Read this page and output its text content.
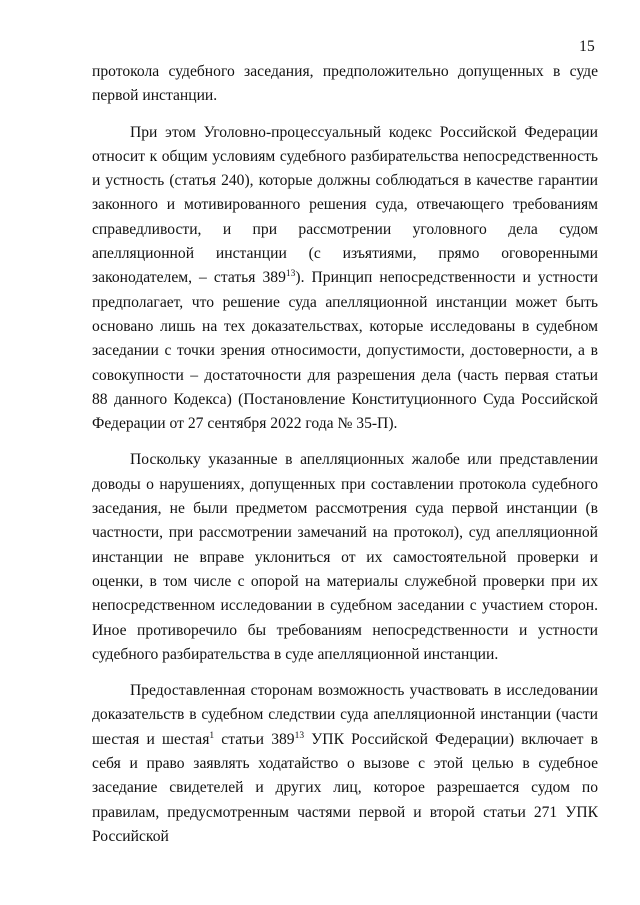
15

протокола судебного заседания, предположительно допущенных в суде первой инстанции.

При этом Уголовно-процессуальный кодекс Российской Федерации относит к общим условиям судебного разбирательства непосредственность и устность (статья 240), которые должны соблюдаться в качестве гарантии законного и мотивированного решения суда, отвечающего требованиям справедливости, и при рассмотрении уголовного дела судом апелляционной инстанции (с изъятиями, прямо оговоренными законодателем, – статья $389^{13}$). Принцип непосредственности и устности предполагает, что решение суда апелляционной инстанции может быть основано лишь на тех доказательствах, которые исследованы в судебном заседании с точки зрения относимости, допустимости, достоверности, а в совокупности – достаточности для разрешения дела (часть первая статьи 88 данного Кодекса) (Постановление Конституционного Суда Российской Федерации от 27 сентября 2022 года № 35-П).

Поскольку указанные в апелляционных жалобе или представлении доводы о нарушениях, допущенных при составлении протокола судебного заседания, не были предметом рассмотрения суда первой инстанции (в частности, при рассмотрении замечаний на протокол), суд апелляционной инстанции не вправе уклониться от их самостоятельной проверки и оценки, в том числе с опорой на материалы служебной проверки при их непосредственном исследовании в судебном заседании с участием сторон. Иное противоречило бы требованиям непосредственности и устности судебного разбирательства в суде апелляционной инстанции.

Предоставленная сторонам возможность участвовать в исследовании доказательств в судебном следствии суда апелляционной инстанции (части шестая и шестая$^1$ статьи $389^{13}$ УПК Российской Федерации) включает в себя и право заявлять ходатайство о вызове с этой целью в судебное заседание свидетелей и других лиц, которое разрешается судом по правилам, предусмотренным частями первой и второй статьи 271 УПК Российской
